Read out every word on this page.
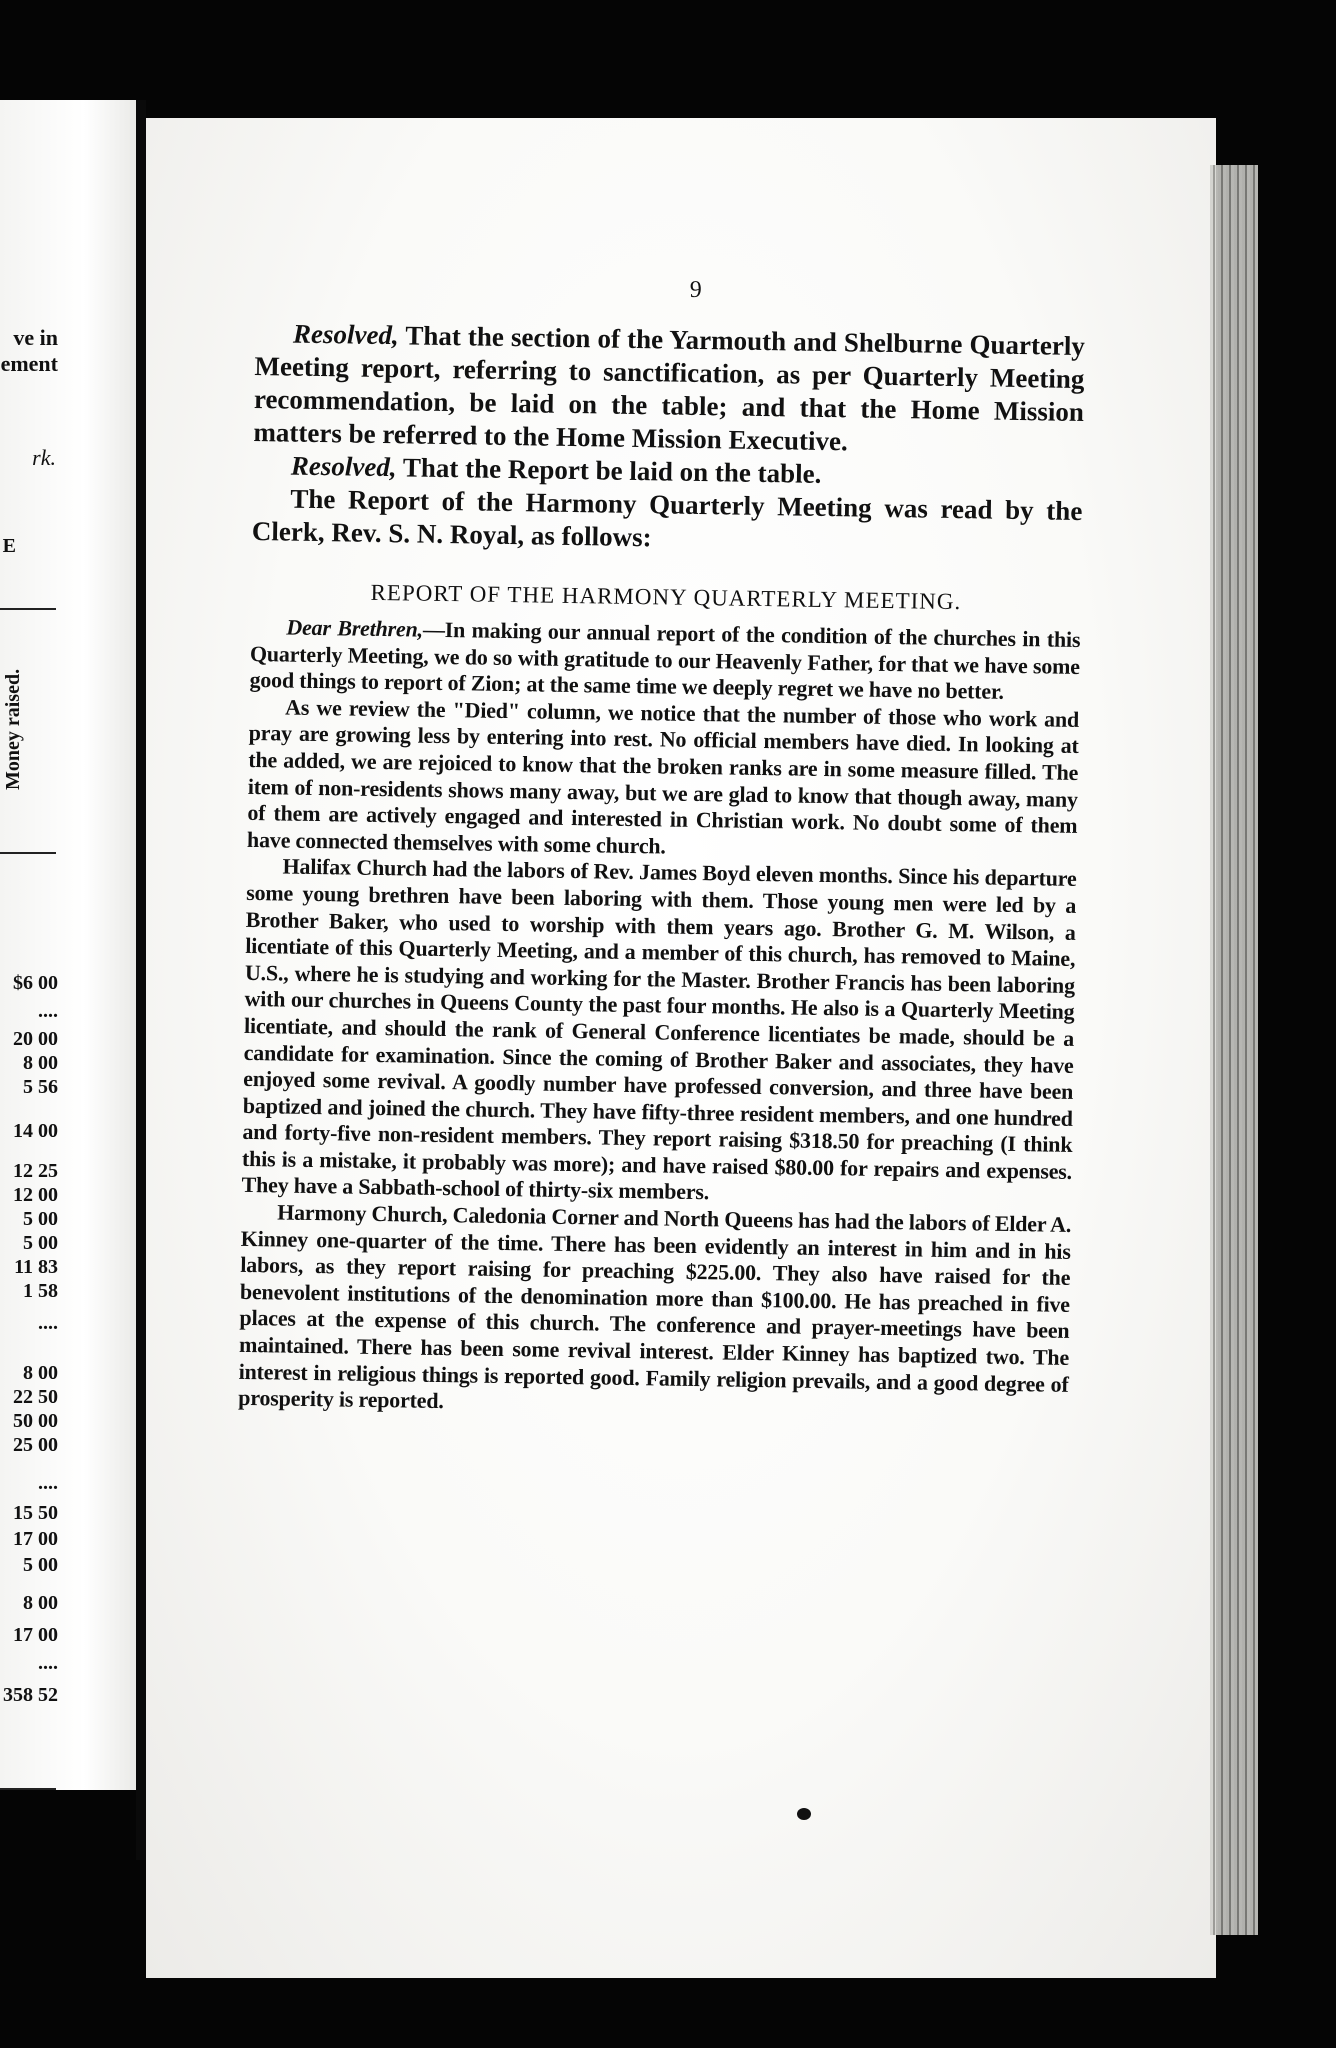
ve in
ement
rk.
E
Money raised.
$6 00
....
20 00
8 00
5 56
14 00
12 25
12 00
5 00
5 00
11 83
1 58
....
8 00
22 50
50 00
25 00
....
15 50
17 00
5 00
8 00
17 00
....
358 52
9

Resolved, That the section of the Yarmouth and Shelburne Quarterly Meeting report, referring to sanctification, as per Quarterly Meeting recommendation, be laid on the table; and that the Home Mission matters be referred to the Home Mission Executive.

Resolved, That the Report be laid on the table.

The Report of the Harmony Quarterly Meeting was read by the Clerk, Rev. S. N. Royal, as follows:

REPORT OF THE HARMONY QUARTERLY MEETING.

Dear Brethren,—In making our annual report of the condition of the churches in this Quarterly Meeting, we do so with gratitude to our Heavenly Father, for that we have some good things to report of Zion; at the same time we deeply regret we have no better.

As we review the "Died" column, we notice that the number of those who work and pray are growing less by entering into rest. No official members have died. In looking at the added, we are rejoiced to know that the broken ranks are in some measure filled. The item of non-residents shows many away, but we are glad to know that though away, many of them are actively engaged and interested in Christian work. No doubt some of them have connected themselves with some church.

Halifax Church had the labors of Rev. James Boyd eleven months. Since his departure some young brethren have been laboring with them. Those young men were led by a Brother Baker, who used to worship with them years ago. Brother G. M. Wilson, a licentiate of this Quarterly Meeting, and a member of this church, has removed to Maine, U.S., where he is studying and working for the Master. Brother Francis has been laboring with our churches in Queens County the past four months. He also is a Quarterly Meeting licentiate, and should the rank of General Conference licentiates be made, should be a candidate for examination. Since the coming of Brother Baker and associates, they have enjoyed some revival. A goodly number have professed conversion, and three have been baptized and joined the church. They have fifty-three resident members, and one hundred and forty-five non-resident members. They report raising $318.50 for preaching (I think this is a mistake, it probably was more); and have raised $80.00 for repairs and expenses. They have a Sabbath-school of thirty-six members.

Harmony Church, Caledonia Corner and North Queens has had the labors of Elder A. Kinney one-quarter of the time. There has been evidently an interest in him and in his labors, as they report raising for preaching $225.00. They also have raised for the benevolent institutions of the denomination more than $100.00. He has preached in five places at the expense of this church. The conference and prayer-meetings have been maintained. There has been some revival interest. Elder Kinney has baptized two. The interest in religious things is reported good. Family religion prevails, and a good degree of prosperity is reported.
